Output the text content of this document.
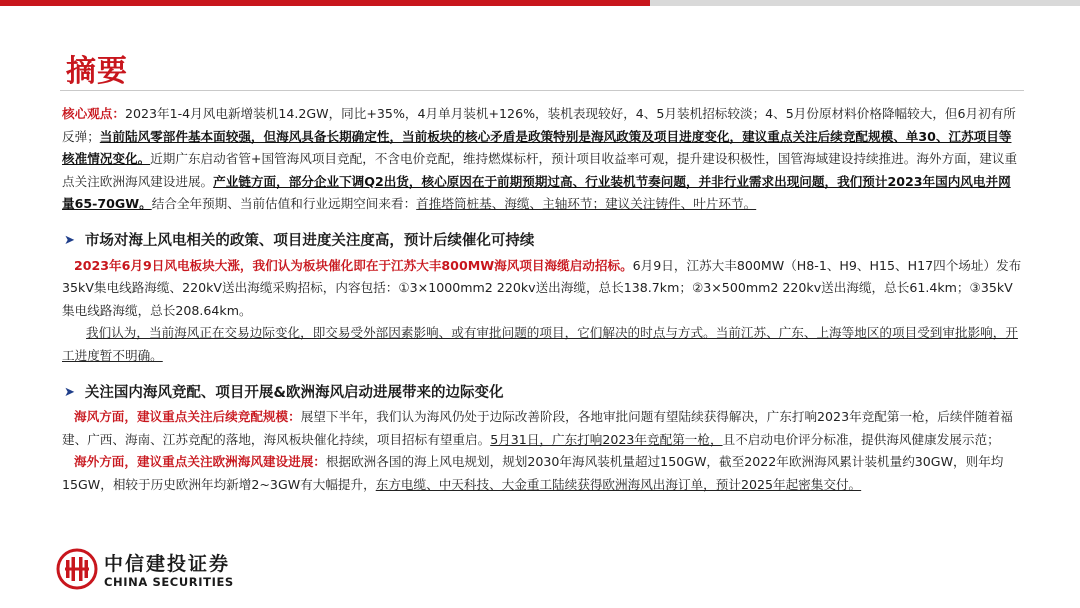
摘要

核心观点：2023年1-4月风电新增装机14.2GW，同比+35%，4月单月装机+126%，装机表现较好，4、5月装机招标较淡；4、5月份原材料价格降幅较大，但6月初有所反弹；当前陆风零部件基本面较强，但海风具备长期确定性，当前板块的核心矛盾是政策特别是海风政策及项目进度变化，建议重点关注后续竞配规模、单30、江苏项目等核准情况变化。近期广东启动省管+国管海风项目竞配，不含电价竞配，维持燃煤标杆，预计项目收益率可观，提升建设积极性，国管海域建设持续推进。海外方面，建议重点关注欧洲海风建设进展。产业链方面，部分企业下调Q2出货，核心原因在于前期预期过高、行业装机节奏问题，并非行业需求出现问题，我们预计2023年国内风电并网量65-70GW。结合全年预期、当前估值和行业远期空间来看：首推塔筒桩基、海缆、主轴环节；建议关注铸件、叶片环节。

➤ 市场对海上风电相关的政策、项目进度关注度高，预计后续催化可持续

2023年6月9日风电板块大涨，我们认为板块催化即在于江苏大丰800MW海风项目海缆启动招标。6月9日，江苏大丰800MW（H8-1、H9、H15、H17四个场址）发布35kV集电线路海缆、220kV送出海缆采购招标，内容包括：①3×1000mm2 220kv送出海缆，总长138.7km；②3×500mm2 220kv送出海缆，总长61.4km；③35kV集电线路海缆，总长208.64km。

我们认为，当前海风正在交易边际变化，即交易受外部因素影响、或有审批问题的项目，它们解决的时点与方式。当前江苏、广东、上海等地区的项目受到审批影响，开工进度暂不明确。

➤ 关注国内海风竞配、项目开展&欧洲海风启动进展带来的边际变化

海风方面，建议重点关注后续竞配规模：展望下半年，我们认为海风仍处于边际改善阶段，各地审批问题有望陆续获得解决，广东打响2023年竞配第一枪，后续伴随着福建、广西、海南、江苏竞配的落地，海风板块催化持续，项目招标有望重启。5月31日，广东打响2023年竞配第一枪，且不启动电价评分标准，提供海风健康发展示范；

海外方面，建议重点关注欧洲海风建设进展：根据欧洲各国的海上风电规划，规划2030年海风装机量超过150GW，截至2022年欧洲海风累计装机量约30GW，则年均15GW，相较于历史欧洲年均新增2~3GW有大幅提升，东方电缆、中天科技、大金重工陆续获得欧洲海风出海订单，预计2025年起密集交付。

中信建投证券
CHINA SECURITIES
